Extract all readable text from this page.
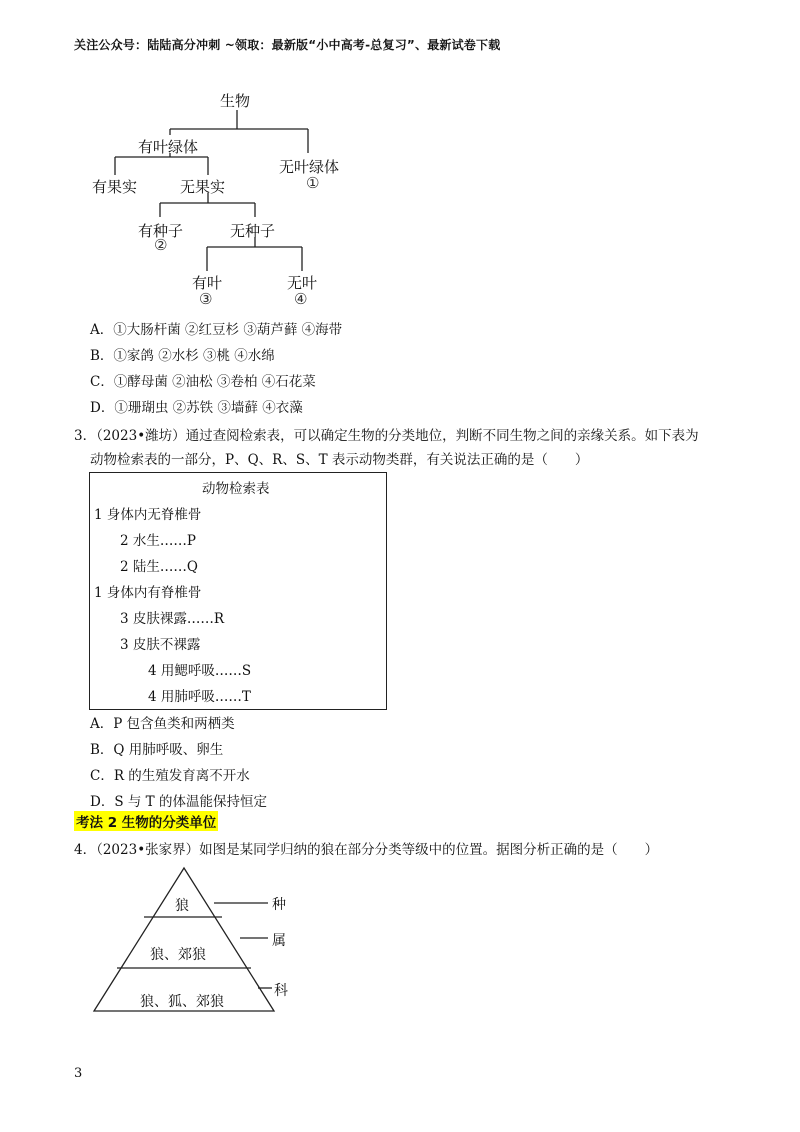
关注公众号：陆陆高分冲刺 ~领取：最新版“小中高考-总复习”、最新试卷下载
生物
有叶绿体
无叶绿体
①
有果实	无果实
有种子
②
无种子
有叶
③
无叶
④
A．①大肠杆菌 ②红豆杉 ③葫芦藓 ④海带
B．①家鸽 ②水杉 ③桃 ④水绵
C．①酵母菌 ②油松 ③卷柏 ④石花菜
D．①珊瑚虫 ②苏铁 ③墙藓 ④衣藻
3．（2023•潍坊）通过查阅检索表，可以确定生物的分类地位，判断不同生物之间的亲缘关系。如下表为
动物检索表的一部分，P、Q、R、S、T 表示动物类群，有关说法正确的是（　　）
动物检索表
1 身体内无脊椎骨
2 水生……P
2 陆生……Q
1 身体内有脊椎骨
3 皮肤裸露……R
3 皮肤不裸露
4 用鳃呼吸……S
4 用肺呼吸……T
A．P 包含鱼类和两栖类
B．Q 用肺呼吸、卵生
C．R 的生殖发育离不开水
D．S 与 T 的体温能保持恒定
考法 2 生物的分类单位
4．（2023•张家界）如图是某同学归纳的狼在部分分类等级中的位置。据图分析正确的是（　　）
狼
狼、郊狼
狼、狐、郊狼
种
属
科
3
